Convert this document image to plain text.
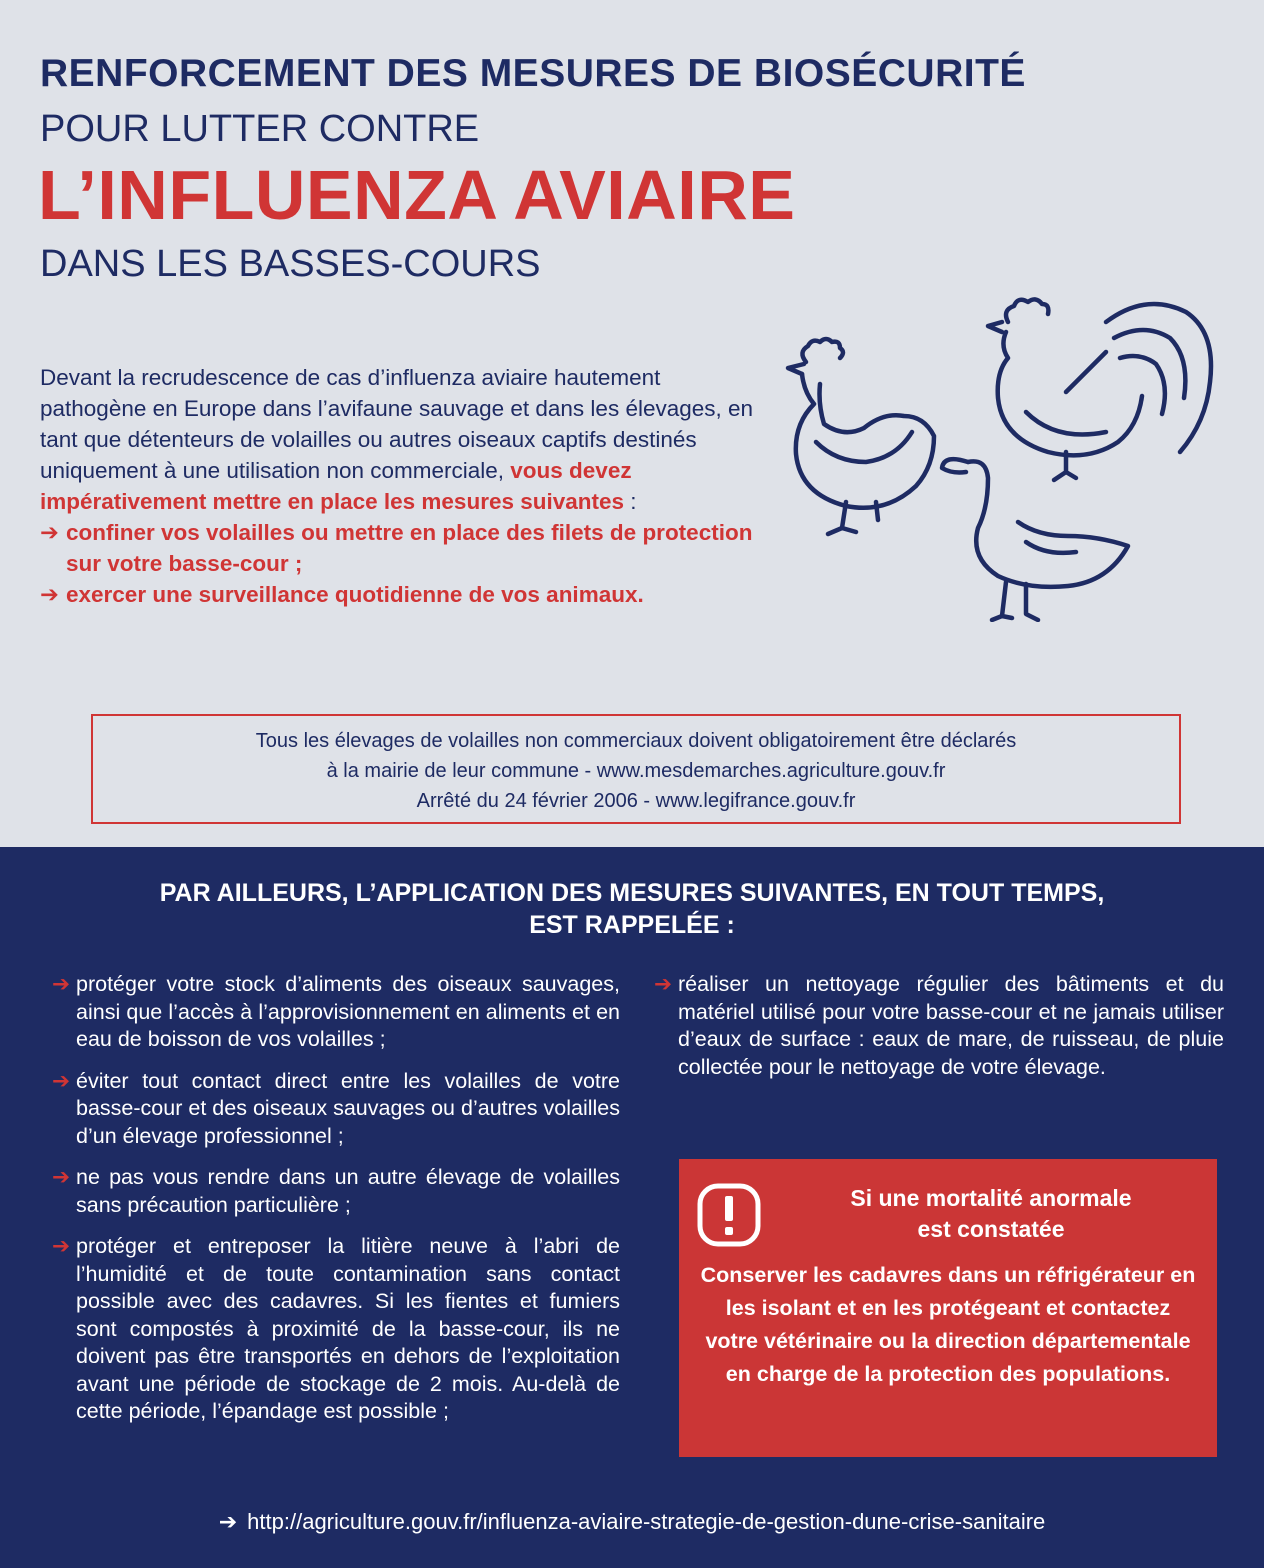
RENFORCEMENT DES MESURES DE BIOSÉCURITÉ
POUR LUTTER CONTRE
L’INFLUENZA AVIAIRE
DANS LES BASSES-COURS
Devant la recrudescence de cas d’influenza aviaire hautement pathogène en Europe dans l’avifaune sauvage et dans les élevages, en tant que détenteurs de volailles ou autres oiseaux captifs destinés uniquement à une utilisation non commerciale, vous devez impérativement mettre en place les mesures suivantes :
➔ confiner vos volailles ou mettre en place des filets de protection sur votre basse-cour ;
➔ exercer une surveillance quotidienne de vos animaux.
Tous les élevages de volailles non commerciaux doivent obligatoirement être déclarés
à la mairie de leur commune - www.mesdemarches.agriculture.gouv.fr
Arrêté du 24 février 2006 - www.legifrance.gouv.fr
PAR AILLEURS, L’APPLICATION DES MESURES SUIVANTES, EN TOUT TEMPS,
EST RAPPELÉE :
➔ protéger votre stock d’aliments des oiseaux sauvages, ainsi que l’accès à l’approvisionnement en aliments et en eau de boisson de vos volailles ;
➔ éviter tout contact direct entre les volailles de votre basse-cour et des oiseaux sauvages ou d’autres volailles d’un élevage professionnel ;
➔ ne pas vous rendre dans un autre élevage de volailles sans précaution particulière ;
➔ protéger et entreposer la litière neuve à l’abri de l’humidité et de toute contamination sans contact possible avec des cadavres. Si les fientes et fumiers sont compostés à proximité de la basse-cour, ils ne doivent pas être transportés en dehors de l’exploitation avant une période de stockage de 2 mois. Au-delà de cette période, l’épandage est possible ;
➔ réaliser un nettoyage régulier des bâtiments et du matériel utilisé pour votre basse-cour et ne jamais utiliser d’eaux de surface : eaux de mare, de ruisseau, de pluie collectée pour le nettoyage de votre élevage.
Si une mortalité anormale
est constatée
Conserver les cadavres dans un réfrigérateur en les isolant et en les protégeant et contactez votre vétérinaire ou la direction départementale en charge de la protection des populations.
➔ http://agriculture.gouv.fr/influenza-aviaire-strategie-de-gestion-dune-crise-sanitaire
